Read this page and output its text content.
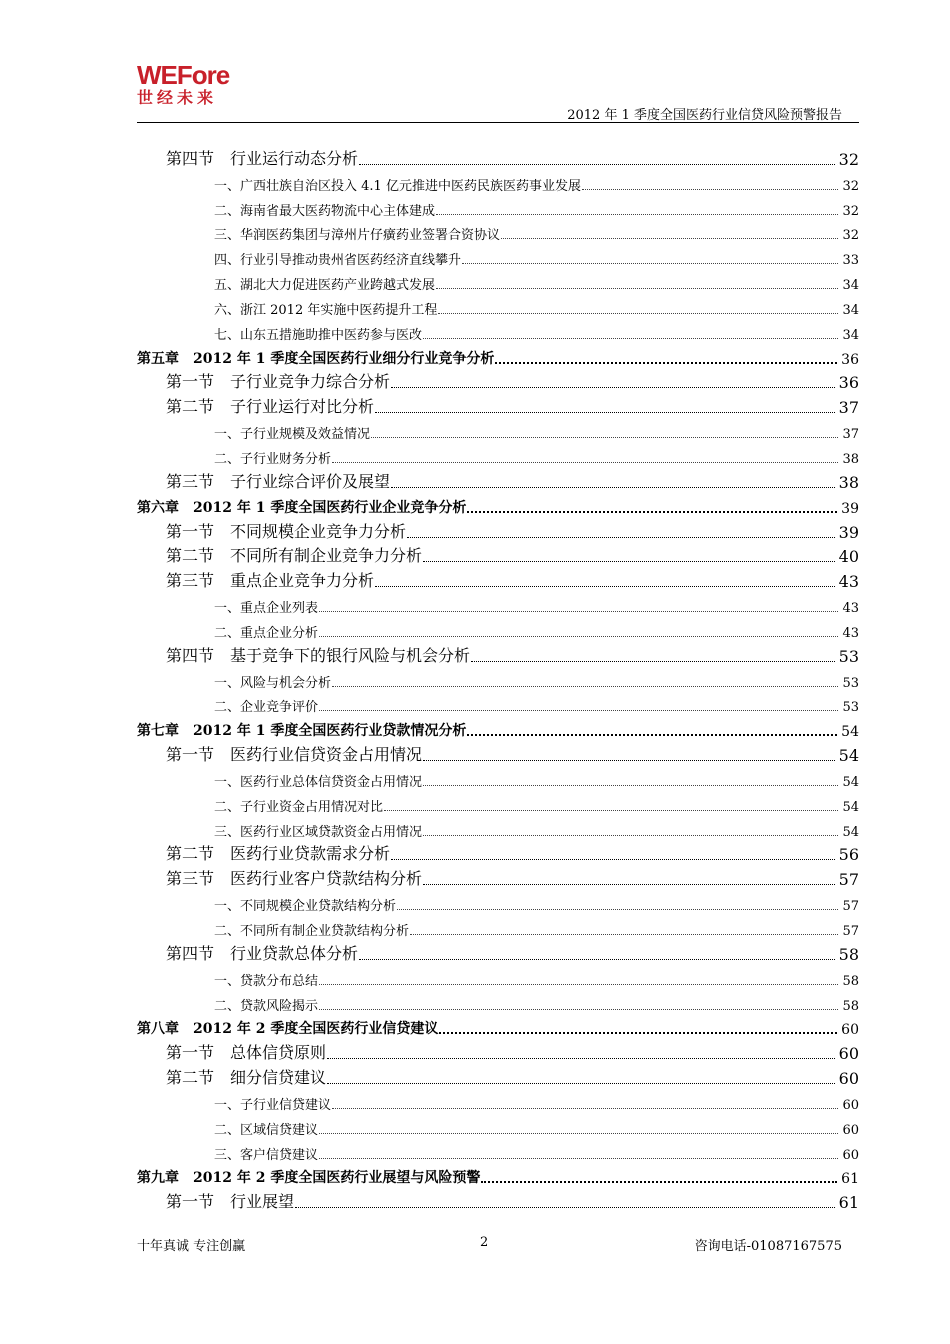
WEFore
世经未来
2012 年 1 季度全国医药行业信贷风险预警报告
第四节　行业运行动态分析	32
一、广西壮族自治区投入 4.1 亿元推进中医药民族医药事业发展	32
二、海南省最大医药物流中心主体建成	32
三、华润医药集团与漳州片仔癀药业签署合资协议	32
四、行业引导推动贵州省医药经济直线攀升	33
五、湖北大力促进医药产业跨越式发展	34
六、浙江 2012 年实施中医药提升工程	34
七、山东五措施助推中医药参与医改	34
第五章　2012 年 1 季度全国医药行业细分行业竞争分析	36
第一节　子行业竞争力综合分析	36
第二节　子行业运行对比分析	37
一、子行业规模及效益情况	37
二、子行业财务分析	38
第三节　子行业综合评价及展望	38
第六章　2012 年 1 季度全国医药行业企业竞争分析	39
第一节　不同规模企业竞争力分析	39
第二节　不同所有制企业竞争力分析	40
第三节　重点企业竞争力分析	43
一、重点企业列表	43
二、重点企业分析	43
第四节　基于竞争下的银行风险与机会分析	53
一、风险与机会分析	53
二、企业竞争评价	53
第七章　2012 年 1 季度全国医药行业贷款情况分析	54
第一节　医药行业信贷资金占用情况	54
一、医药行业总体信贷资金占用情况	54
二、子行业资金占用情况对比	54
三、医药行业区域贷款资金占用情况	54
第二节　医药行业贷款需求分析	56
第三节　医药行业客户贷款结构分析	57
一、不同规模企业贷款结构分析	57
二、不同所有制企业贷款结构分析	57
第四节　行业贷款总体分析	58
一、贷款分布总结	58
二、贷款风险揭示	58
第八章　2012 年 2 季度全国医药行业信贷建议	60
第一节　总体信贷原则	60
第二节　细分信贷建议	60
一、子行业信贷建议	60
二、区域信贷建议	60
三、客户信贷建议	60
第九章　2012 年 2 季度全国医药行业展望与风险预警	61
第一节　行业展望	61
十年真诚 专注创赢	2	咨询电话-01087167575
